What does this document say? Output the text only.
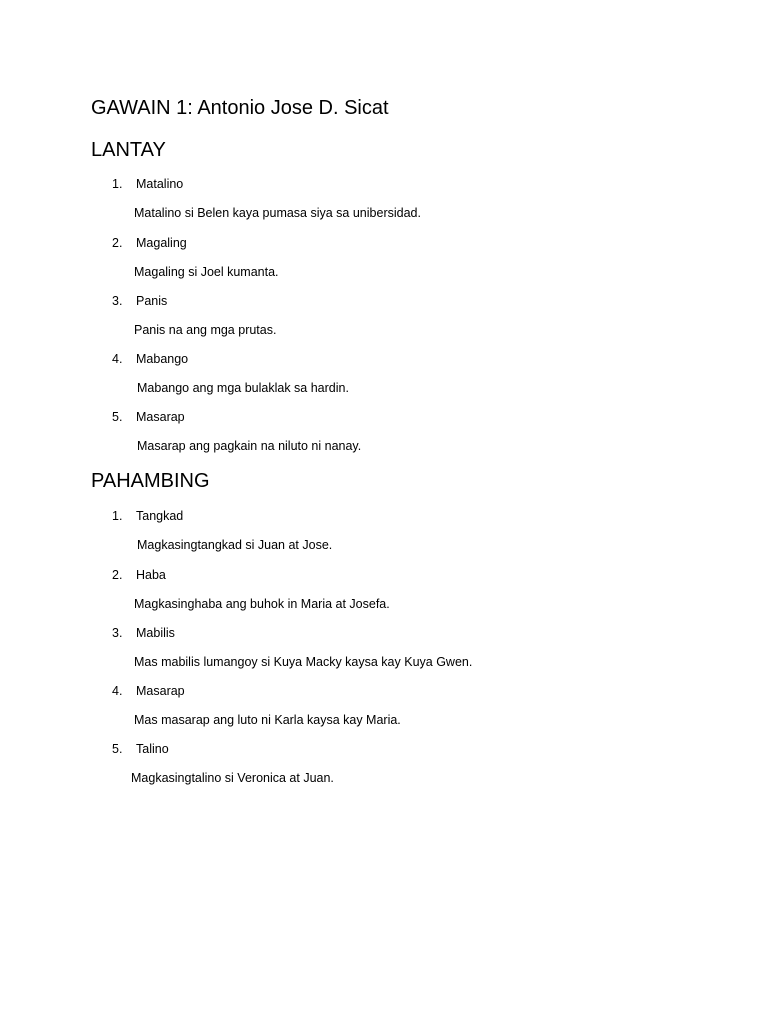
GAWAIN 1: Antonio Jose D. Sicat
LANTAY
1. Matalino
Matalino si Belen kaya pumasa siya sa unibersidad.
2. Magaling
Magaling si Joel kumanta.
3. Panis
Panis na ang mga prutas.
4. Mabango
Mabango ang mga bulaklak sa hardin.
5. Masarap
Masarap ang pagkain na niluto ni nanay.
PAHAMBING
1. Tangkad
Magkasingtangkad si Juan at Jose.
2. Haba
Magkasinghaba ang buhok in Maria at Josefa.
3. Mabilis
Mas mabilis lumangoy si Kuya Macky kaysa kay Kuya Gwen.
4. Masarap
Mas masarap ang luto ni Karla kaysa kay Maria.
5. Talino
Magkasingtalino si Veronica at Juan.
